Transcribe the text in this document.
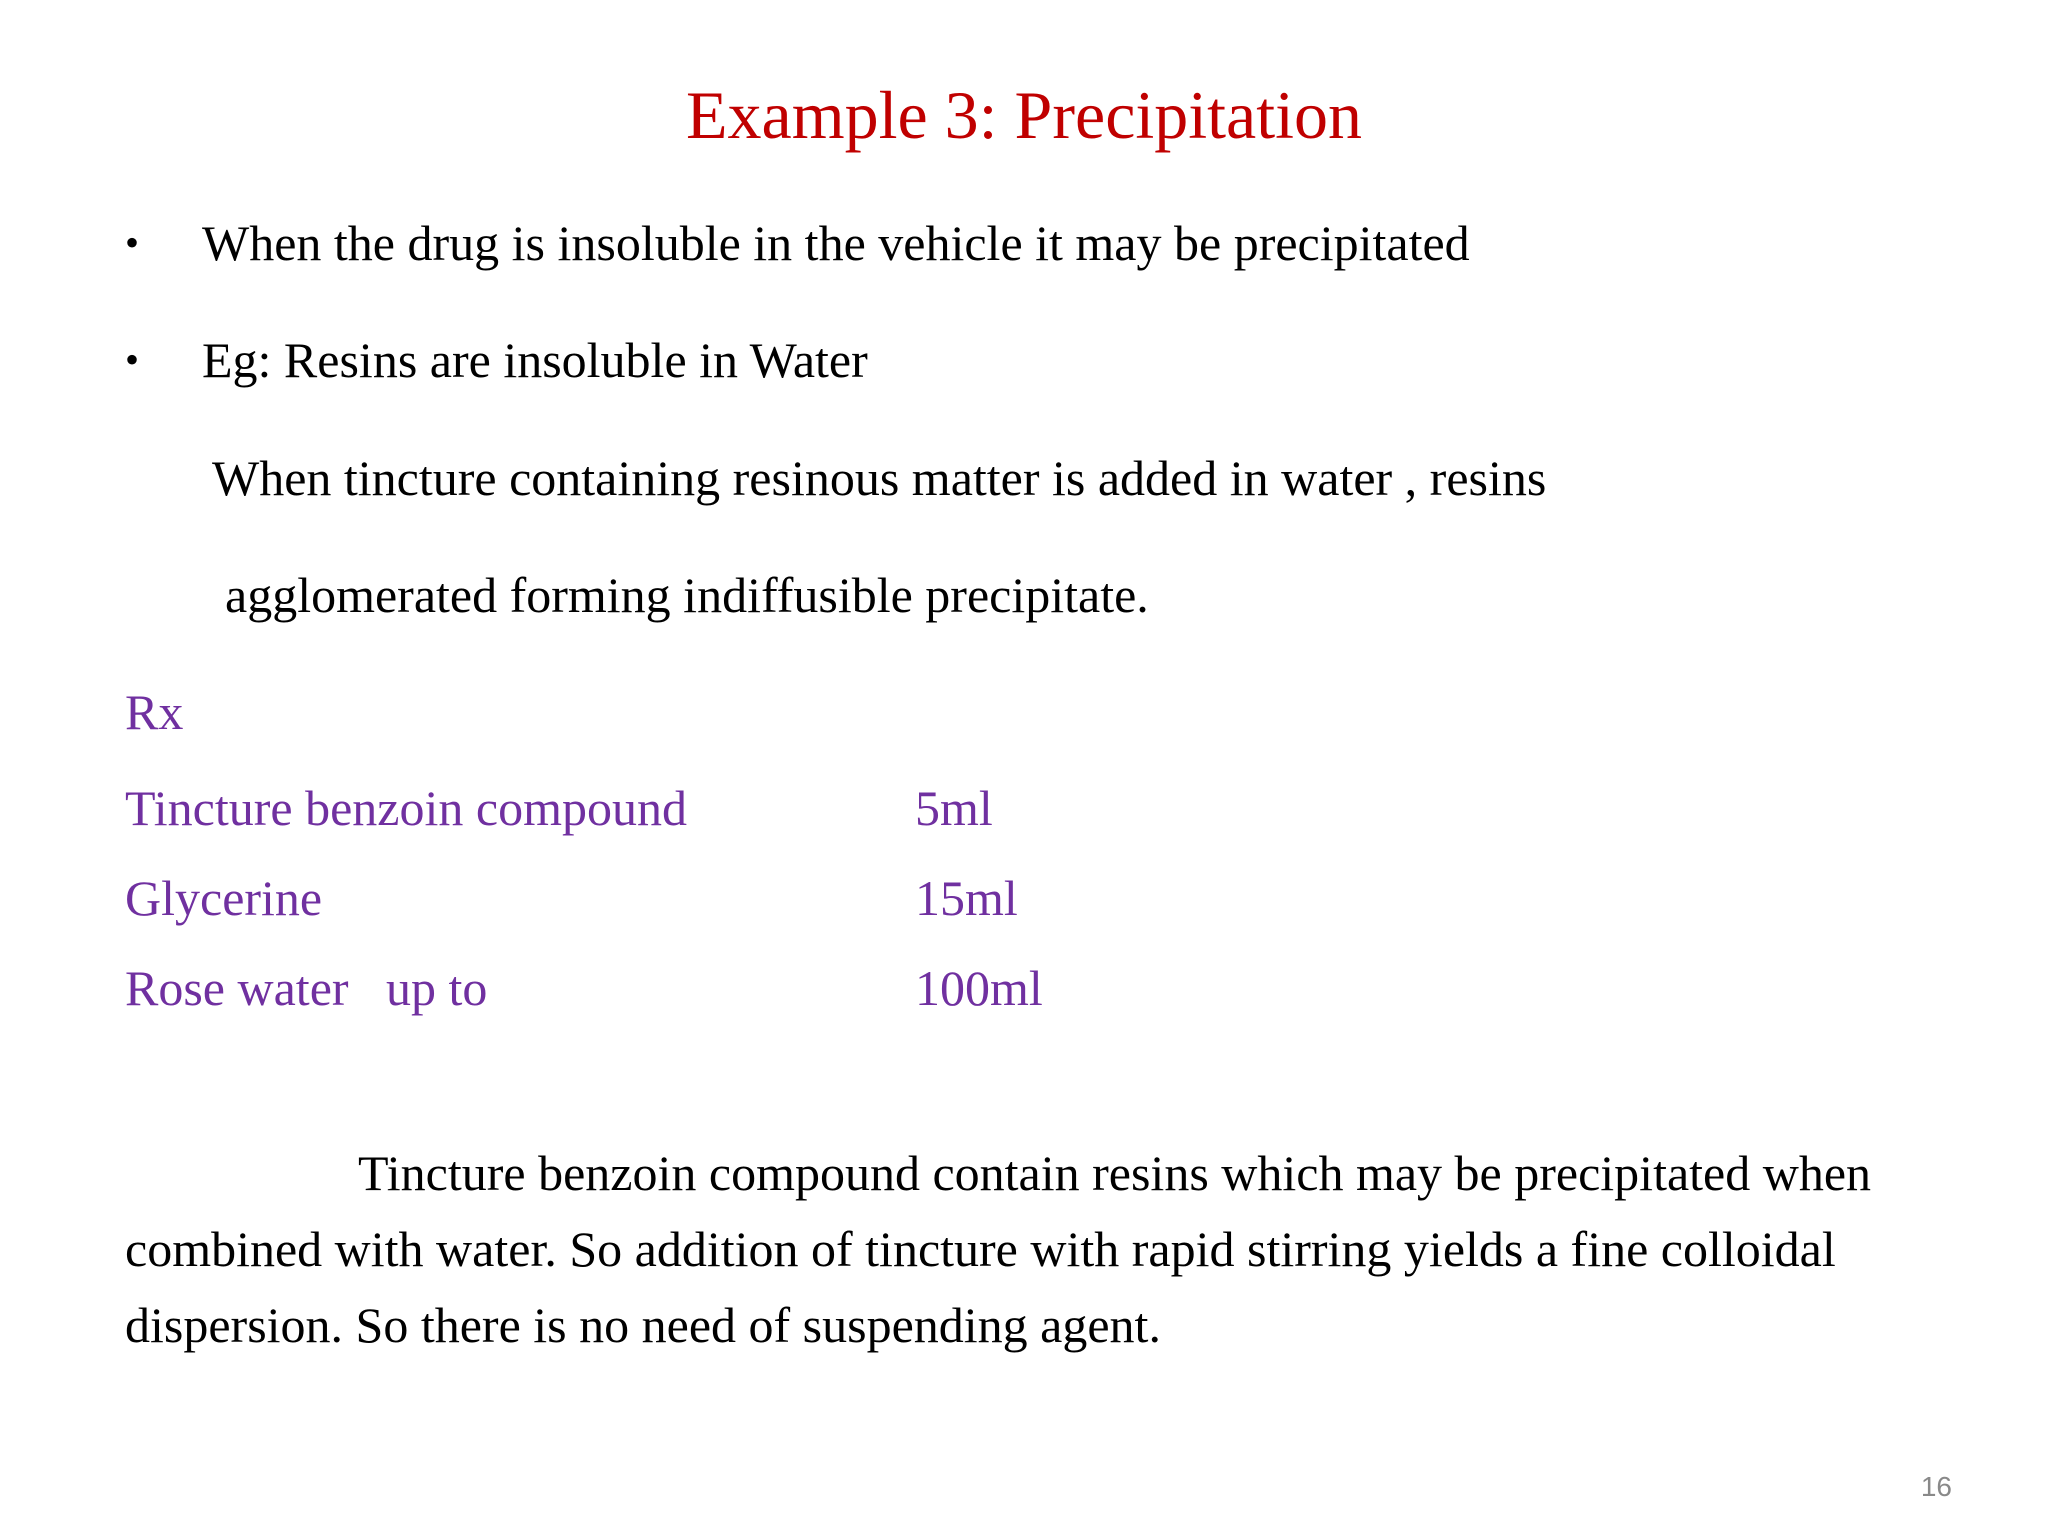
Example 3: Precipitation
•	When the drug is insoluble in the vehicle it may be precipitated
•	Eg: Resins are insoluble in Water
When tincture containing resinous matter is added in water , resins
agglomerated forming indiffusible precipitate.
Rx
Tincture benzoin compound	5ml
Glycerine	15ml
Rose water   up to	100ml

Tincture benzoin compound contain resins which may be precipitated when combined with water. So addition of tincture with rapid stirring yields a fine colloidal dispersion. So there is no need of suspending agent.

16
